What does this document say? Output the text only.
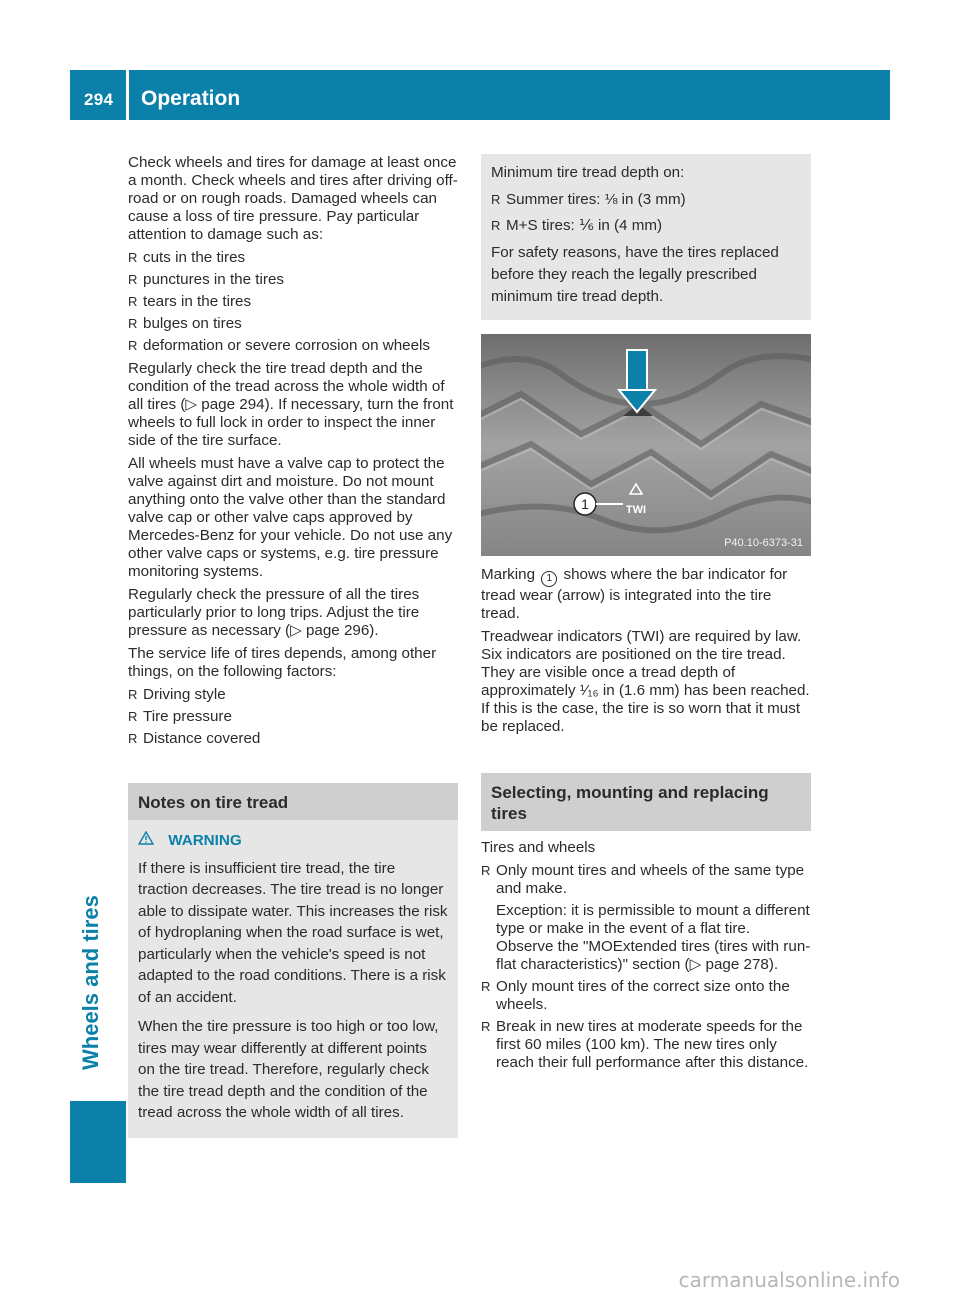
294 Operation
Wheels and tires

Check wheels and tires for damage at least once a month. Check wheels and tires after driving off-road or on rough roads. Damaged wheels can cause a loss of tire pressure. Pay particular attention to damage such as:

R cuts in the tires
R punctures in the tires
R tears in the tires
R bulges on tires
R deformation or severe corrosion on wheels

Regularly check the tire tread depth and the condition of the tread across the whole width of all tires (▷ page 294). If necessary, turn the front wheels to full lock in order to inspect the inner side of the tire surface.

All wheels must have a valve cap to protect the valve against dirt and moisture. Do not mount anything onto the valve other than the standard valve cap or other valve caps approved by Mercedes-Benz for your vehicle. Do not use any other valve caps or systems, e.g. tire pressure monitoring systems.

Regularly check the pressure of all the tires particularly prior to long trips. Adjust the tire pressure as necessary (▷ page 296).

The service life of tires depends, among other things, on the following factors:

R Driving style
R Tire pressure
R Distance covered
Notes on tire tread
WARNING

If there is insufficient tire tread, the tire traction decreases. The tire tread is no longer able to dissipate water. This increases the risk of hydroplaning when the road surface is wet, particularly when the vehicle's speed is not adapted to the road conditions. There is a risk of an accident.

When the tire pressure is too high or too low, tires may wear differently at different points on the tire tread. Therefore, regularly check the tire tread depth and the condition of the tread across the whole width of all tires.

Minimum tire tread depth on:

R Summer tires: ⅛ in (3 mm)
R M+S tires: ⅙ in (4 mm)

For safety reasons, have the tires replaced before they reach the legally prescribed minimum tire tread depth.

1	TWI
P40.10-6373-31

Marking 1 shows where the bar indicator for tread wear (arrow) is integrated into the tire tread.

Treadwear indicators (TWI) are required by law. Six indicators are positioned on the tire tread. They are visible once a tread depth of approximately ¹⁄₁₆ in (1.6 mm) has been reached. If this is the case, the tire is so worn that it must be replaced.

Selecting, mounting and replacing tires

Tires and wheels

R Only mount tires and wheels of the same type and make.
Exception: it is permissible to mount a different type or make in the event of a flat tire. Observe the "MOExtended tires (tires with run-flat characteristics)" section (▷ page 278).
R Only mount tires of the correct size onto the wheels.
R Break in new tires at moderate speeds for the first 60 miles (100 km). The new tires only reach their full performance after this distance.
carmanualsonline.info
